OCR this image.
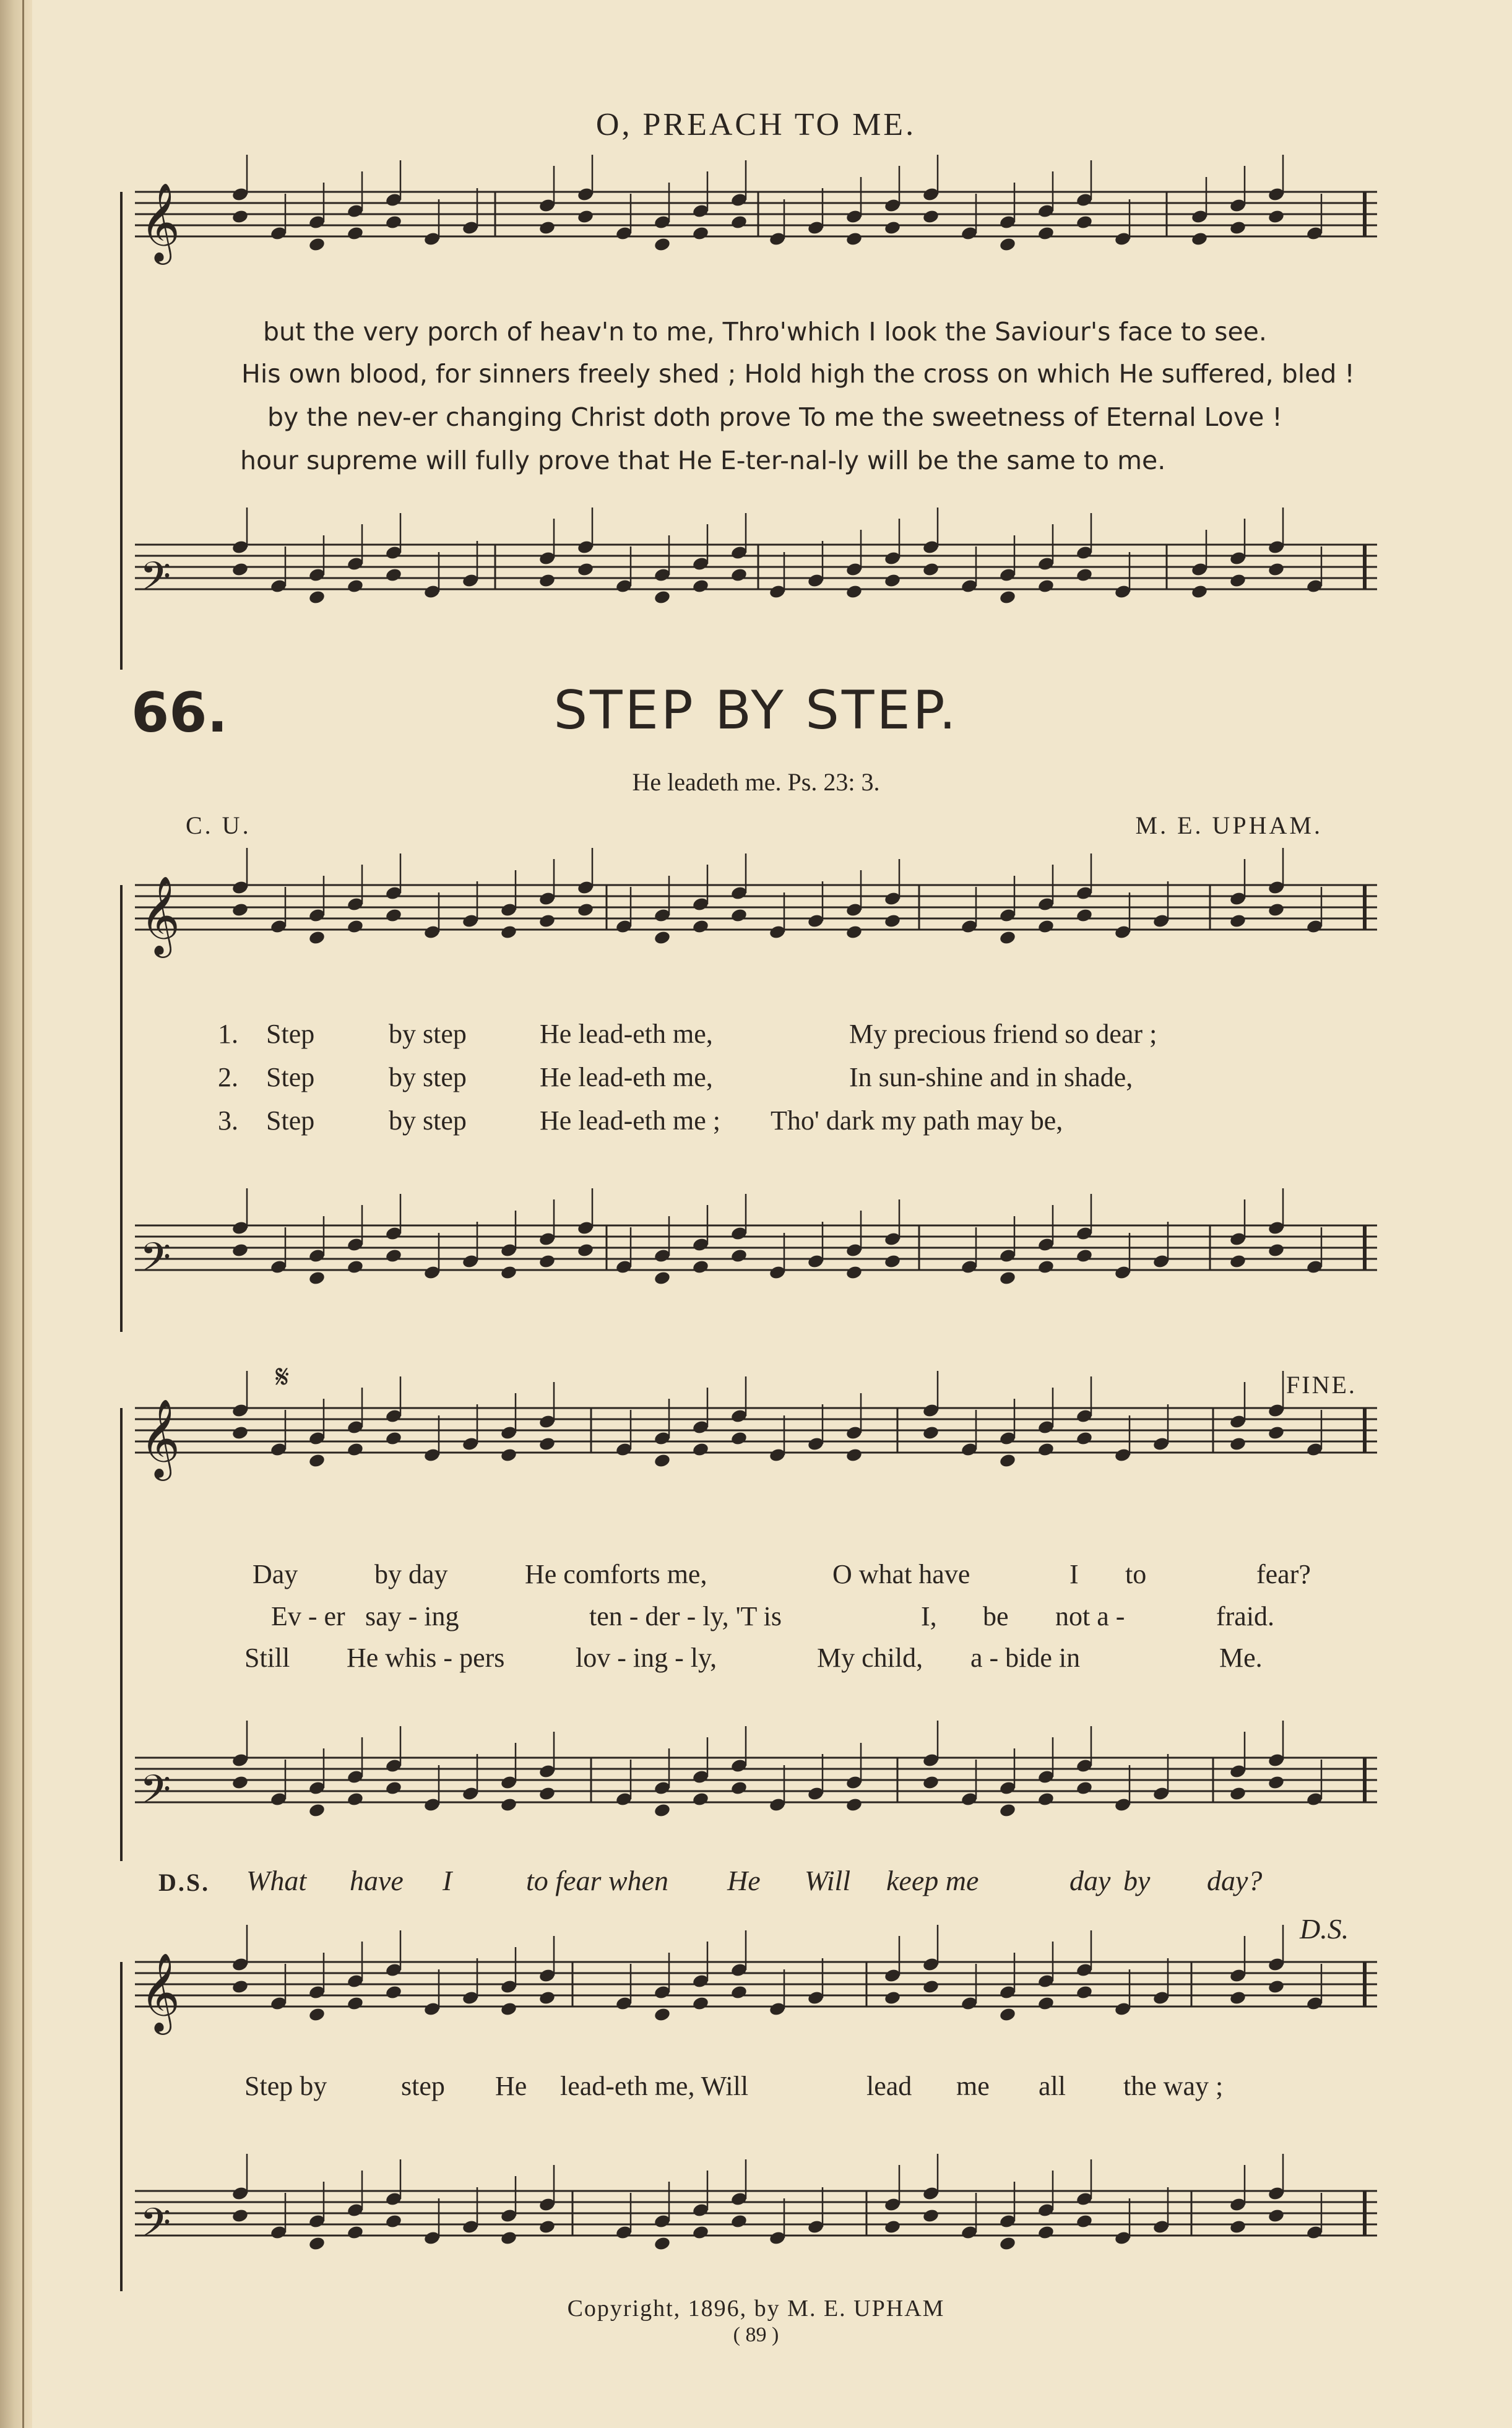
𝄞
𝄢
𝄞
𝄢
𝄞
𝄢
𝄞
𝄢
O, PREACH TO ME.
but the very porch of heav'n to me, Thro'which I look the Saviour's face to see.
His own blood, for sinners freely shed ; Hold high the cross on which He suffered, bled !
by the nev-er changing Christ doth prove To me the sweetness of Eternal Love !
hour supreme will fully prove that He E-ter-nal-ly will be the same to me.
66.	STEP BY STEP.
He leadeth me. Ps. 23: 3.
C. U.	M. E. UPHAM.
1. Step	by step	He lead-eth me,	My precious friend so dear ;
2. Step	by step	He lead-eth me,	In sun-shine and in shade,
3. Step	by step	He lead-eth me ; Tho' dark my path may be,
𝄋	FINE.
Day	by day	He comforts me,	O what have	I to	fear?
Ev - er say - ing	ten - der - ly, 'T is	I, be not a -	fraid.
Still He whis - pers	lov - ing - ly,	My child, a - bide in	Me.
D.S. What have I	to fear when He Will keep me	day by day?
D.S.
Step by	step He lead-eth me, Will	lead me all the way ;
Copyright, 1896, by M. E. UPHAM
( 89 )
